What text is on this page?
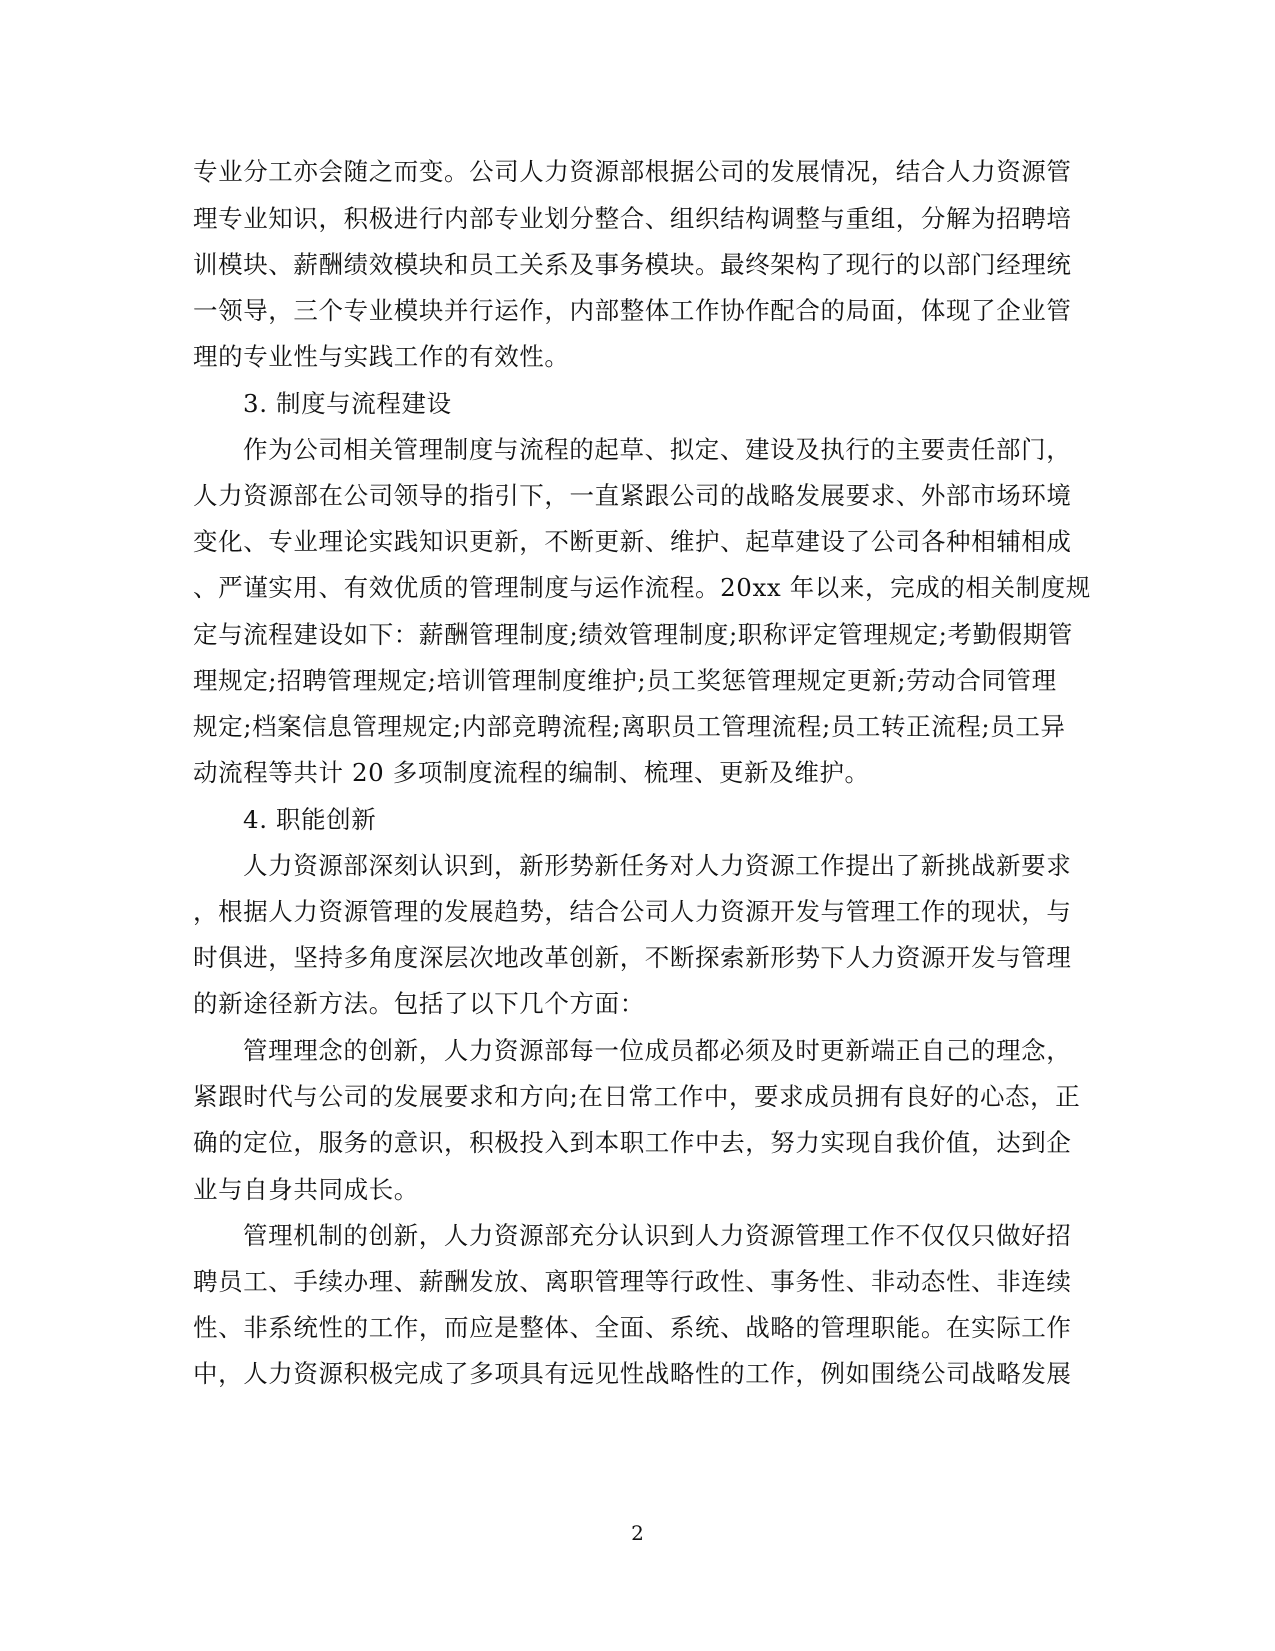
专业分工亦会随之而变。公司人力资源部根据公司的发展情况，结合人力资源管
理专业知识，积极进行内部专业划分整合、组织结构调整与重组，分解为招聘培
训模块、薪酬绩效模块和员工关系及事务模块。最终架构了现行的以部门经理统
一领导，三个专业模块并行运作，内部整体工作协作配合的局面，体现了企业管
理的专业性与实践工作的有效性。
3. 制度与流程建设
作为公司相关管理制度与流程的起草、拟定、建设及执行的主要责任部门，
人力资源部在公司领导的指引下，一直紧跟公司的战略发展要求、外部市场环境
变化、专业理论实践知识更新，不断更新、维护、起草建设了公司各种相辅相成
、严谨实用、有效优质的管理制度与运作流程。20xx 年以来，完成的相关制度规
定与流程建设如下：薪酬管理制度;绩效管理制度;职称评定管理规定;考勤假期管
理规定;招聘管理规定;培训管理制度维护;员工奖惩管理规定更新;劳动合同管理
规定;档案信息管理规定;内部竞聘流程;离职员工管理流程;员工转正流程;员工异
动流程等共计 20 多项制度流程的编制、梳理、更新及维护。
4. 职能创新
人力资源部深刻认识到，新形势新任务对人力资源工作提出了新挑战新要求
，根据人力资源管理的发展趋势，结合公司人力资源开发与管理工作的现状，与
时俱进，坚持多角度深层次地改革创新，不断探索新形势下人力资源开发与管理
的新途径新方法。包括了以下几个方面：
管理理念的创新，人力资源部每一位成员都必须及时更新端正自己的理念，
紧跟时代与公司的发展要求和方向;在日常工作中，要求成员拥有良好的心态，正
确的定位，服务的意识，积极投入到本职工作中去，努力实现自我价值，达到企
业与自身共同成长。
管理机制的创新，人力资源部充分认识到人力资源管理工作不仅仅只做好招
聘员工、手续办理、薪酬发放、离职管理等行政性、事务性、非动态性、非连续
性、非系统性的工作，而应是整体、全面、系统、战略的管理职能。在实际工作
中，人力资源积极完成了多项具有远见性战略性的工作，例如围绕公司战略发展
2
